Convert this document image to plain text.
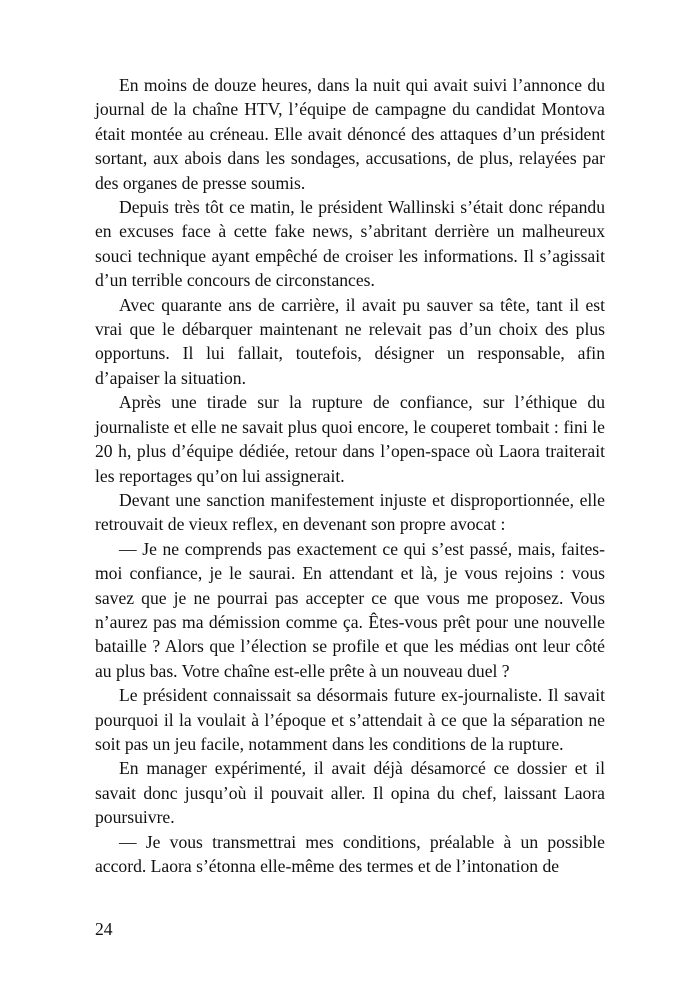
En moins de douze heures, dans la nuit qui avait suivi l’annonce du journal de la chaîne HTV, l’équipe de campagne du candidat Montova était montée au créneau. Elle avait dénoncé des attaques d’un président sortant, aux abois dans les sondages, accusations, de plus, relayées par des organes de presse soumis.

Depuis très tôt ce matin, le président Wallinski s’était donc répandu en excuses face à cette fake news, s’abritant derrière un malheureux souci technique ayant empêché de croiser les informations. Il s’agissait d’un terrible concours de circonstances.

Avec quarante ans de carrière, il avait pu sauver sa tête, tant il est vrai que le débarquer maintenant ne relevait pas d’un choix des plus opportuns. Il lui fallait, toutefois, désigner un responsable, afin d’apaiser la situation.

Après une tirade sur la rupture de confiance, sur l’éthique du journaliste et elle ne savait plus quoi encore, le couperet tombait : fini le 20 h, plus d’équipe dédiée, retour dans l’open-space où Laora traiterait les reportages qu’on lui assignerait.

Devant une sanction manifestement injuste et disproportionnée, elle retrouvait de vieux reflex, en devenant son propre avocat :

— Je ne comprends pas exactement ce qui s’est passé, mais, faites-moi confiance, je le saurai. En attendant et là, je vous rejoins : vous savez que je ne pourrai pas accepter ce que vous me proposez. Vous n’aurez pas ma démission comme ça. Êtes-vous prêt pour une nouvelle bataille ? Alors que l’élection se profile et que les médias ont leur côté au plus bas. Votre chaîne est-elle prête à un nouveau duel ?

Le président connaissait sa désormais future ex-journaliste. Il savait pourquoi il la voulait à l’époque et s’attendait à ce que la séparation ne soit pas un jeu facile, notamment dans les conditions de la rupture.

En manager expérimenté, il avait déjà désamorcé ce dossier et il savait donc jusqu’où il pouvait aller. Il opina du chef, laissant Laora poursuivre.

— Je vous transmettrai mes conditions, préalable à un possible accord. Laora s’étonna elle-même des termes et de l’intonation de

24
